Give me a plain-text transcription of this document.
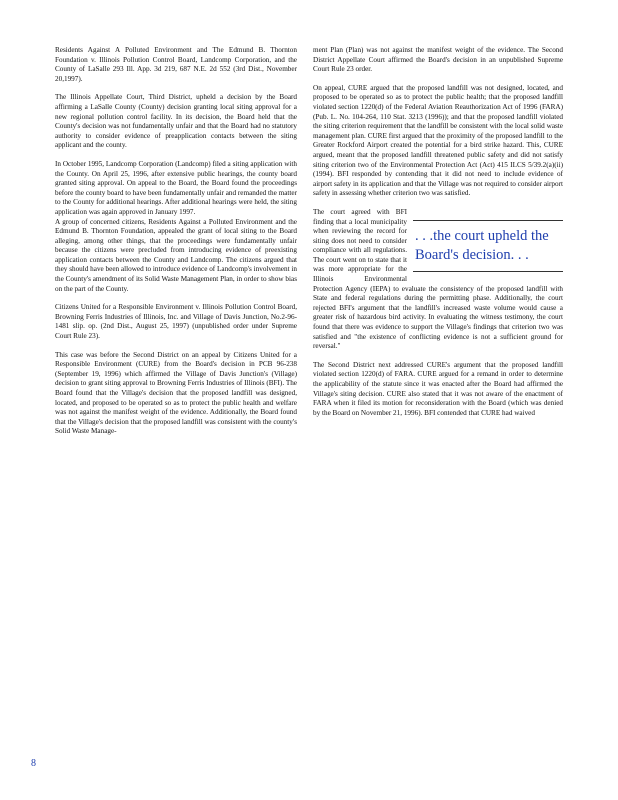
Residents Against A Polluted Environment and The Edmund B. Thornton Foundation v. Illinois Pollution Control Board, Landcomp Corporation, and the County of LaSalle 293 Ill. App. 3d 219, 687 N.E. 2d 552 (3rd Dist., November 20,1997).

The Illinois Appellate Court, Third District, upheld a decision by the Board affirming a LaSalle County (County) decision granting local siting approval for a new regional pollution control facility. In its decision, the Board held that the County's decision was not fundamentally unfair and that the Board had no statutory authority to consider evidence of preapplication contacts between the siting applicant and the county.

In October 1995, Landcomp Corporation (Landcomp) filed a siting application with the County. On April 25, 1996, after extensive public hearings, the county board granted siting approval. On appeal to the Board, the Board found the proceedings before the county board to have been fundamentally unfair and remanded the matter to the County for additional hearings. After additional hearings were held, the siting application was again approved in January 1997.

A group of concerned citizens, Residents Against a Polluted Environment and the Edmund B. Thornton Foundation, appealed the grant of local siting to the Board alleging, among other things, that the proceedings were fundamentally unfair because the citizens were precluded from introducing evidence of preexisting application contacts between the County and Landcomp. The citizens argued that they should have been allowed to introduce evidence of Landcomp's involvement in the County's amendment of its Solid Waste Management Plan, in order to show bias on the part of the County.

Citizens United for a Responsible Environment v. Illinois Pollution Control Board, Browning Ferris Industries of Illinois, Inc. and Village of Davis Junction, No.2-96-1481 slip. op. (2nd Dist., August 25, 1997) (unpublished order under Supreme Court Rule 23).

This case was before the Second District on an appeal by Citizens United for a Responsible Environment (CURE) from the Board's decision in PCB 96-238 (September 19, 1996) which affirmed the Village of Davis Junction's (Village) decision to grant siting approval to Browning Ferris Industries of Illinois (BFI). The Board found that the Village's decision that the proposed landfill was designed, located, and proposed to be operated so as to protect the public health and welfare was not against the manifest weight of the evidence. Additionally, the Board found that the Village's decision that the proposed landfill was consistent with the county's Solid Waste Manage-

ment Plan (Plan) was not against the manifest weight of the evidence. The Second District Appellate Court affirmed the Board's decision in an unpublished Supreme Court Rule 23 order.

On appeal, CURE argued that the proposed landfill was not designed, located, and proposed to be operated so as to protect the public health; that the proposed landfill violated section 1220(d) of the Federal Aviation Reauthorization Act of 1996 (FARA) (Pub. L. No. 104-264, 110 Stat. 3213 (1996)); and that the proposed landfill violated the siting criterion requirement that the landfill be consistent with the local solid waste management plan. CURE first argued that the proximity of the proposed landfill to the Greater Rockford Airport created the potential for a bird strike hazard. This, CURE argued, meant that the proposed landfill threatened public safety and did not satisfy siting criterion two of the Environmental Protection Act (Act) 415 ILCS 5/39.2(a)(ii) (1994). BFI responded by contending that it did not need to include evidence of airport safety in its application and that the Village was not required to consider airport safety in assessing whether criterion two was satisfied.

. . .the court upheld the Board's decision. . .

The court agreed with BFI finding that a local municipality when reviewing the record for siting does not need to consider compliance with all regulations. The court went on to state that it was more appropriate for the Illinois Environmental Protection Agency (IEPA) to evaluate the consistency of the proposed landfill with State and federal regulations during the permitting phase. Additionally, the court rejected BFI's argument that the landfill's increased waste volume would cause a greater risk of hazardous bird activity. In evaluating the witness testimony, the court found that there was evidence to support the Village's findings that criterion two was satisfied and "the existence of conflicting evidence is not a sufficient ground for reversal."

The Second District next addressed CURE's argument that the proposed landfill violated section 1220(d) of FARA. CURE argued for a remand in order to determine the applicability of the statute since it was enacted after the Board had affirmed the Village's siting decision. CURE also stated that it was not aware of the enactment of FARA when it filed its motion for reconsideration with the Board (which was denied by the Board on November 21, 1996). BFI contended that CURE had waived

8
